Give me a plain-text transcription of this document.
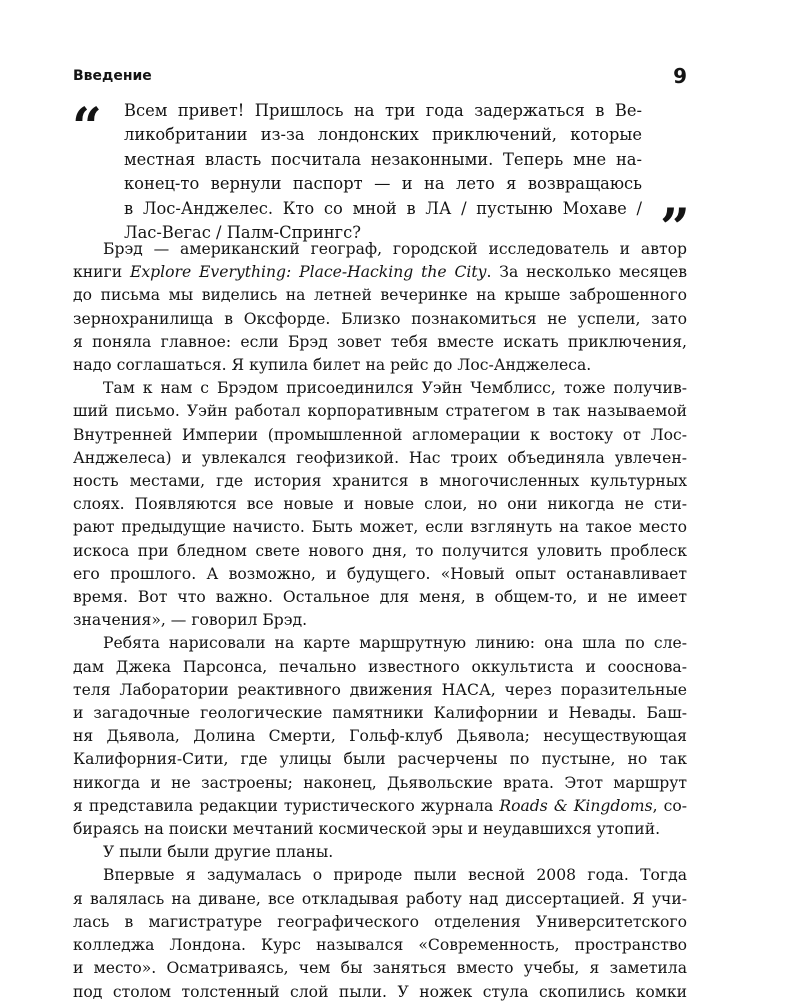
Введение	9
“ Всем привет! Пришлось на три года задержаться в Ве-
ликобритании из-за лондонских приключений, которые
местная власть посчитала незаконными. Теперь мне на-
конец-то вернули паспорт — и на лето я возвращаюсь
в Лос-Анджелес. Кто со мной в ЛА / пустыню Мохаве /
Лас-Вегас / Палм-Спрингс?	”
Брэд — американский географ, городской исследователь и автор
книги Explore Everything: Place-Hacking the City. За несколько месяцев
до письма мы виделись на летней вечеринке на крыше заброшенного
зернохранилища в Оксфорде. Близко познакомиться не успели, зато
я поняла главное: если Брэд зовет тебя вместе искать приключения,
надо соглашаться. Я купила билет на рейс до Лос-Анджелеса.
Там к нам с Брэдом присоединился Уэйн Чемблисс, тоже получив-
ший письмо. Уэйн работал корпоративным стратегом в так называемой
Внутренней Империи (промышленной агломерации к востоку от Лос-
Анджелеса) и увлекался геофизикой. Нас троих объединяла увлечен-
ность местами, где история хранится в многочисленных культурных
слоях. Появляются все новые и новые слои, но они никогда не сти-
рают предыдущие начисто. Быть может, если взглянуть на такое место
искоса при бледном свете нового дня, то получится уловить проблеск
его прошлого. А возможно, и будущего. «Новый опыт останавливает
время. Вот что важно. Остальное для меня, в общем-то, и не имеет
значения», — говорил Брэд.
Ребята нарисовали на карте маршрутную линию: она шла по сле-
дам Джека Парсонса, печально известного оккультиста и сооснова-
теля Лаборатории реактивного движения НАСА, через поразительные
и загадочные геологические памятники Калифорнии и Невады. Баш-
ня Дьявола, Долина Смерти, Гольф-клуб Дьявола; несуществующая
Калифорния-Сити, где улицы были расчерчены по пустыне, но так
никогда и не застроены; наконец, Дьявольские врата. Этот маршрут
я представила редакции туристического журнала Roads & Kingdoms, со-
бираясь на поиски мечтаний космической эры и неудавшихся утопий.
У пыли были другие планы.
Впервые я задумалась о природе пыли весной 2008 года. Тогда
я валялась на диване, все откладывая работу над диссертацией. Я учи-
лась в магистратуре географического отделения Университетского
колледжа Лондона. Курс назывался «Современность, пространство
и место». Осматриваясь, чем бы заняться вместо учебы, я заметила
под столом толстенный слой пыли. У ножек стула скопились комки
